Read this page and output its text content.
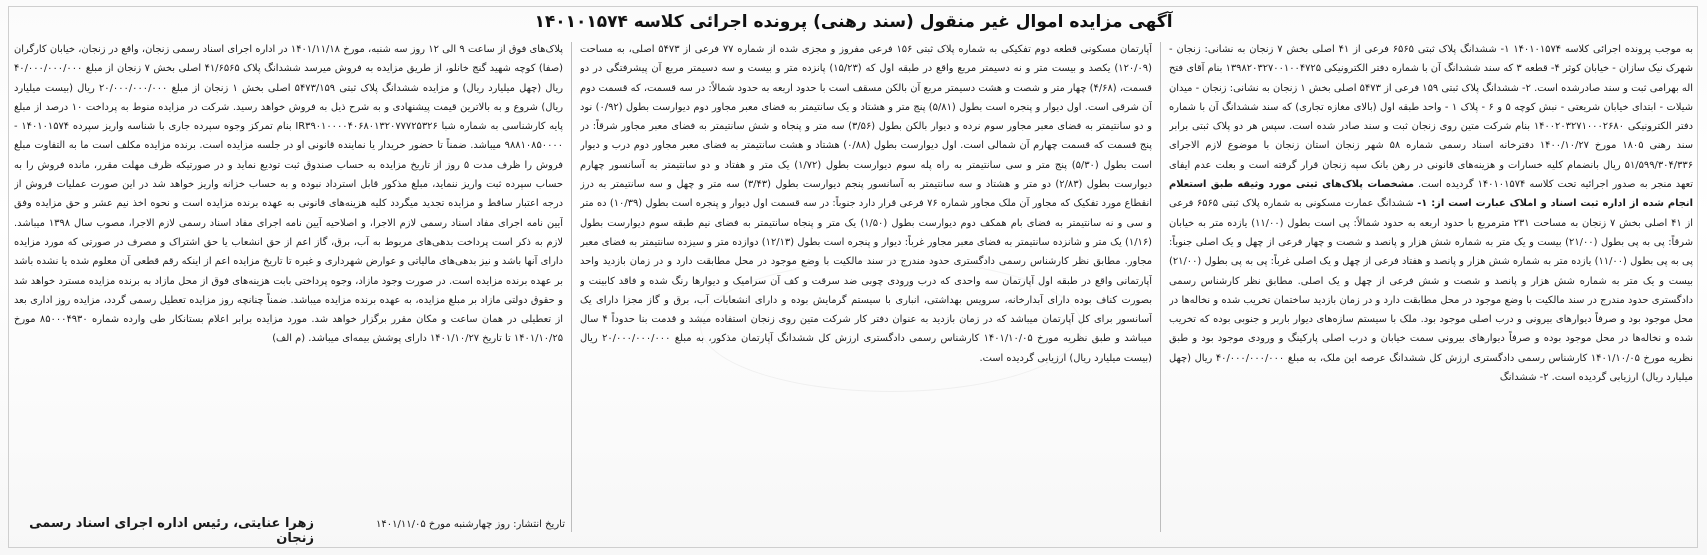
آگهی مزایده اموال غیر منقول (سند رهنی) پرونده اجرائی کلاسه ۱۴۰۱۰۱۵۷۴

به موجب پرونده اجرائی کلاسه ۱۴۰۱۰۱۵۷۴ ۱- ششدانگ پلاک ثبتی ۶۵۶۵ فرعی از ۴۱ اصلی بخش ۷ زنجان به نشانی: زنجان - شهرک نیک سازان - خیابان کوثر ۴- قطعه ۳ که سند ششدانگ آن با شماره دفتر الکترونیکی ۱۳۹۸۲۰۳۲۷۰۰۱۰۰۴۷۲۵ بنام آقای فتح اله بهرامی ثبت و سند صادرشده است. ۲- ششدانگ پلاک ثبتی ۱۵۹ فرعی از ۵۴۷۳ اصلی بخش ۱ زنجان به نشانی: زنجان - میدان شیلات - ابتدای خیابان شریعتی - نبش کوچه ۵ و ۶ - پلاک ۱ - واحد طبقه اول (بالای مغازه تجاری) که سند ششدانگ آن با شماره دفتر الکترونیکی ۱۴۰۰۲۰۳۲۷۱۰۰۰۲۶۸۰ بنام شرکت متین روی زنجان ثبت و سند صادر شده است. سپس هر دو پلاک ثبتی برابر سند رهنی ۱۸۰۵ مورخ ۱۴۰۰/۱۰/۲۷ دفترخانه اسناد رسمی شماره ۵۸ شهر زنجان استان زنجان با موضوع لازم الاجرای ۵۱/۵۹۹/۳۰۴/۳۳۶ ریال بانضمام کلیه خسارات و هزینه‌های قانونی در رهن بانک سپه زنجان قرار گرفته است و بعلت عدم ایفای تعهد منجر به صدور اجرائیه تحت کلاسه ۱۴۰۱۰۱۵۷۴ گردیده است. مشخصات پلاک‌های ثبتی مورد وثیقه طبق استعلام انجام شده از اداره ثبت اسناد و املاک عبارت است از: ۱- ششدانگ عمارت مسکونی به شماره پلاک ثبتی ۶۵۶۵ فرعی از ۴۱ اصلی بخش ۷ زنجان به مساحت ۲۳۱ مترمربع با حدود اربعه به حدود شمالاً: پی است بطول (۱۱/۰۰) یازده متر به خیابان شرقاً: پی به پی بطول (۲۱/۰۰) بیست و یک متر به شماره شش هزار و پانصد و شصت و چهار فرعی از چهل و یک اصلی جنوباً: پی به پی بطول (۱۱/۰۰) یازده متر به شماره شش هزار و پانصد و هفتاد فرعی از چهل و یک اصلی غرباً: پی به پی بطول (۲۱/۰۰) بیست و یک متر به شماره شش هزار و پانصد و شصت و شش فرعی از چهل و یک اصلی. مطابق نظر کارشناس رسمی دادگستری حدود مندرج در سند مالکیت با وضع موجود در محل مطابقت دارد و در زمان بازدید ساختمان تخریب شده و نخاله‌ها در محل موجود بود و صرفاً دیوارهای بیرونی و درب اصلی موجود بود. ملک با سیستم سازه‌های دیوار باربر و جنوبی بوده که تخریب شده و نخاله‌ها در محل موجود بوده و صرفاً دیوارهای بیرونی سمت خیابان و درب اصلی پارکینگ و ورودی موجود بود و طبق نظریه مورخ ۱۴۰۱/۱۰/۰۵ کارشناس رسمی دادگستری ارزش کل ششدانگ عرصه این ملک، به مبلغ ۴۰/۰۰۰/۰۰۰/۰۰۰ ریال (چهل میلیارد ریال) ارزیابی گردیده است. ۲- ششدانگ

آپارتمان مسکونی قطعه دوم تفکیکی به شماره پلاک ثبتی ۱۵۶ فرعی مفروز و مجزی شده از شماره ۷۷ فرعی از ۵۴۷۳ اصلی، به مساحت (۱۲۰/۰۹) یکصد و بیست متر و نه دسیمتر مربع واقع در طبقه اول که (۱۵/۲۳) پانزده متر و بیست و سه دسیمتر مربع آن پیشرفتگی در دو قسمت، (۴/۶۸) چهار متر و شصت و هشت دسیمتر مربع آن بالکن مسقف است با حدود اربعه به حدود شمالاً: در سه قسمت، که قسمت دوم آن شرقی است. اول دیوار و پنجره است بطول (۵/۸۱) پنج متر و هشتاد و یک سانتیمتر به فضای معبر مجاور دوم دیوارست بطول (۰/۹۲) نود و دو سانتیمتر به فضای معبر مجاور سوم نرده و دیوار بالکن بطول (۳/۵۶) سه متر و پنجاه و شش سانتیمتر به فضای معبر مجاور شرقاً: در پنج قسمت که قسمت چهارم آن شمالی است. اول دیوارست بطول (۰/۸۸) هشتاد و هشت سانتیمتر به فضای معبر مجاور دوم درب و دیوار است بطول (۵/۳۰) پنج متر و سی سانتیمتر به راه پله سوم دیوارست بطول (۱/۷۲) یک متر و هفتاد و دو سانتیمتر به آسانسور چهارم دیوارست بطول (۲/۸۳) دو متر و هشتاد و سه سانتیمتر به آسانسور پنجم دیوارست بطول (۳/۴۳) سه متر و چهل و سه سانتیمتر به درز انقطاع مورد تفکیک که مجاور آن ملک مجاور شماره ۷۶ فرعی قرار دارد جنوباً: در سه قسمت اول دیوار و پنجره است بطول (۱۰/۳۹) ده متر و سی و نه سانتیمتر به فضای بام همکف دوم دیوارست بطول (۱/۵۰) یک متر و پنجاه سانتیمتر به فضای نیم طبقه سوم دیوارست بطول (۱/۱۶) یک متر و شانزده سانتیمتر به فضای معبر مجاور غرباً: دیوار و پنجره است بطول (۱۲/۱۳) دوازده متر و سیزده سانتیمتر به فضای معبر مجاور. مطابق نظر کارشناس رسمی دادگستری حدود مندرج در سند مالکیت با وضع موجود در محل مطابقت دارد و در زمان بازدید واحد آپارتمانی واقع در طبقه اول آپارتمان سه واحدی که درب ورودی چوبی ضد سرقت و کف آن سرامیک و دیوارها رنگ شده و فاقد کابینت و بصورت کناف بوده دارای آبدارخانه، سرویس بهداشتی، انباری با سیستم گرمایش بوده و دارای انشعابات آب، برق و گاز مجزا دارای یک آسانسور برای کل آپارتمان میباشد که در زمان بازدید به عنوان دفتر کار شرکت متین روی زنجان استفاده میشد و قدمت بنا حدوداً ۴ سال میباشد و طبق نظریه مورخ ۱۴۰۱/۱۰/۰۵ کارشناس رسمی دادگستری ارزش کل ششدانگ آپارتمان مذکور، به مبلغ ۲۰/۰۰۰/۰۰۰/۰۰۰ ریال (بیست میلیارد ریال) ارزیابی گردیده است.

پلاک‌های فوق از ساعت ۹ الی ۱۲ روز سه شنبه، مورخ ۱۴۰۱/۱۱/۱۸ در اداره اجرای اسناد رسمی زنجان، واقع در زنجان، خیابان کارگران (صفا) کوچه شهید گنج خانلو، از طریق مزایده به فروش میرسد ششدانگ پلاک ۴۱/۶۵۶۵ اصلی بخش ۷ زنجان از مبلغ ۴۰/۰۰۰/۰۰۰/۰۰۰ ریال (چهل میلیارد ریال) و مزایده ششدانگ پلاک ثبتی ۵۴۷۳/۱۵۹ اصلی بخش ۱ زنجان از مبلغ ۲۰/۰۰۰/۰۰۰/۰۰۰ ریال (بیست میلیارد ریال) شروع و به بالاترین قیمت پیشنهادی و به شرح ذیل به فروش خواهد رسید. شرکت در مزایده منوط به پرداخت ۱۰ درصد از مبلغ پایه کارشناسی به شماره شبا IR۳۹۰۱۰۰۰۰۴۰۶۸۰۱۳۲۰۷۷۷۲۵۳۲۶ بنام تمرکز وجوه سپرده جاری با شناسه واریز سپرده ۱۴۰۱۰۱۵۷۴ - ۹۸۸۱۰۸۵۰۰۰۰ میباشد. ضمناً تا حضور خریدار یا نماینده قانونی او در جلسه مزایده است. برنده مزایده مکلف است ما به التفاوت مبلغ فروش را ظرف مدت ۵ روز از تاریخ مزایده به حساب صندوق ثبت تودیع نماید و در صورتیکه ظرف مهلت مقرر، مانده فروش را به حساب سپرده ثبت واریز ننماید، مبلغ مذکور قابل استرداد نبوده و به حساب خزانه واریز خواهد شد در این صورت عملیات فروش از درجه اعتبار ساقط و مزایده تجدید میگردد کلیه هزینه‌های قانونی به عهده برنده مزایده است و نحوه اخذ نیم عشر و حق مزایده وفق آیین نامه اجرای مفاد اسناد رسمی لازم الاجرا، و اصلاحیه آیین نامه اجرای مفاد اسناد رسمی لازم الاجرا، مصوب سال ۱۳۹۸ میباشد. لازم به ذکر است پرداخت بدهی‌های مربوط به آب، برق، گاز اعم از حق انشعاب یا حق اشتراک و مصرف در صورتی که مورد مزایده دارای آنها باشد و نیز بدهی‌های مالیاتی و عوارض شهرداری و غیره تا تاریخ مزایده اعم از اینکه رقم قطعی آن معلوم شده یا نشده باشد بر عهده برنده مزایده است. در صورت وجود مازاد، وجوه پرداختی بابت هزینه‌های فوق از محل مازاد به برنده مزایده مسترد خواهد شد و حقوق دولتی مازاد بر مبلغ مزایده، به عهده برنده مزایده میباشد. ضمناً چنانچه روز مزایده تعطیل رسمی گردد، مزایده روز اداری بعد از تعطیلی در همان ساعت و مکان مقرر برگزار خواهد شد. مورد مزایده برابر اعلام بستانکار طی وارده شماره ۸۵۰۰۰۴۹۳۰ مورخ ۱۴۰۱/۱۰/۲۵ تا تاریخ ۱۴۰۱/۱۰/۲۷ دارای پوشش بیمه‌ای میباشد. (م الف)

تاریخ انتشار: روز چهارشنبه مورخ ۱۴۰۱/۱۱/۰۵
زهرا عنایتی، رئیس اداره اجرای اسناد رسمی زنجان
